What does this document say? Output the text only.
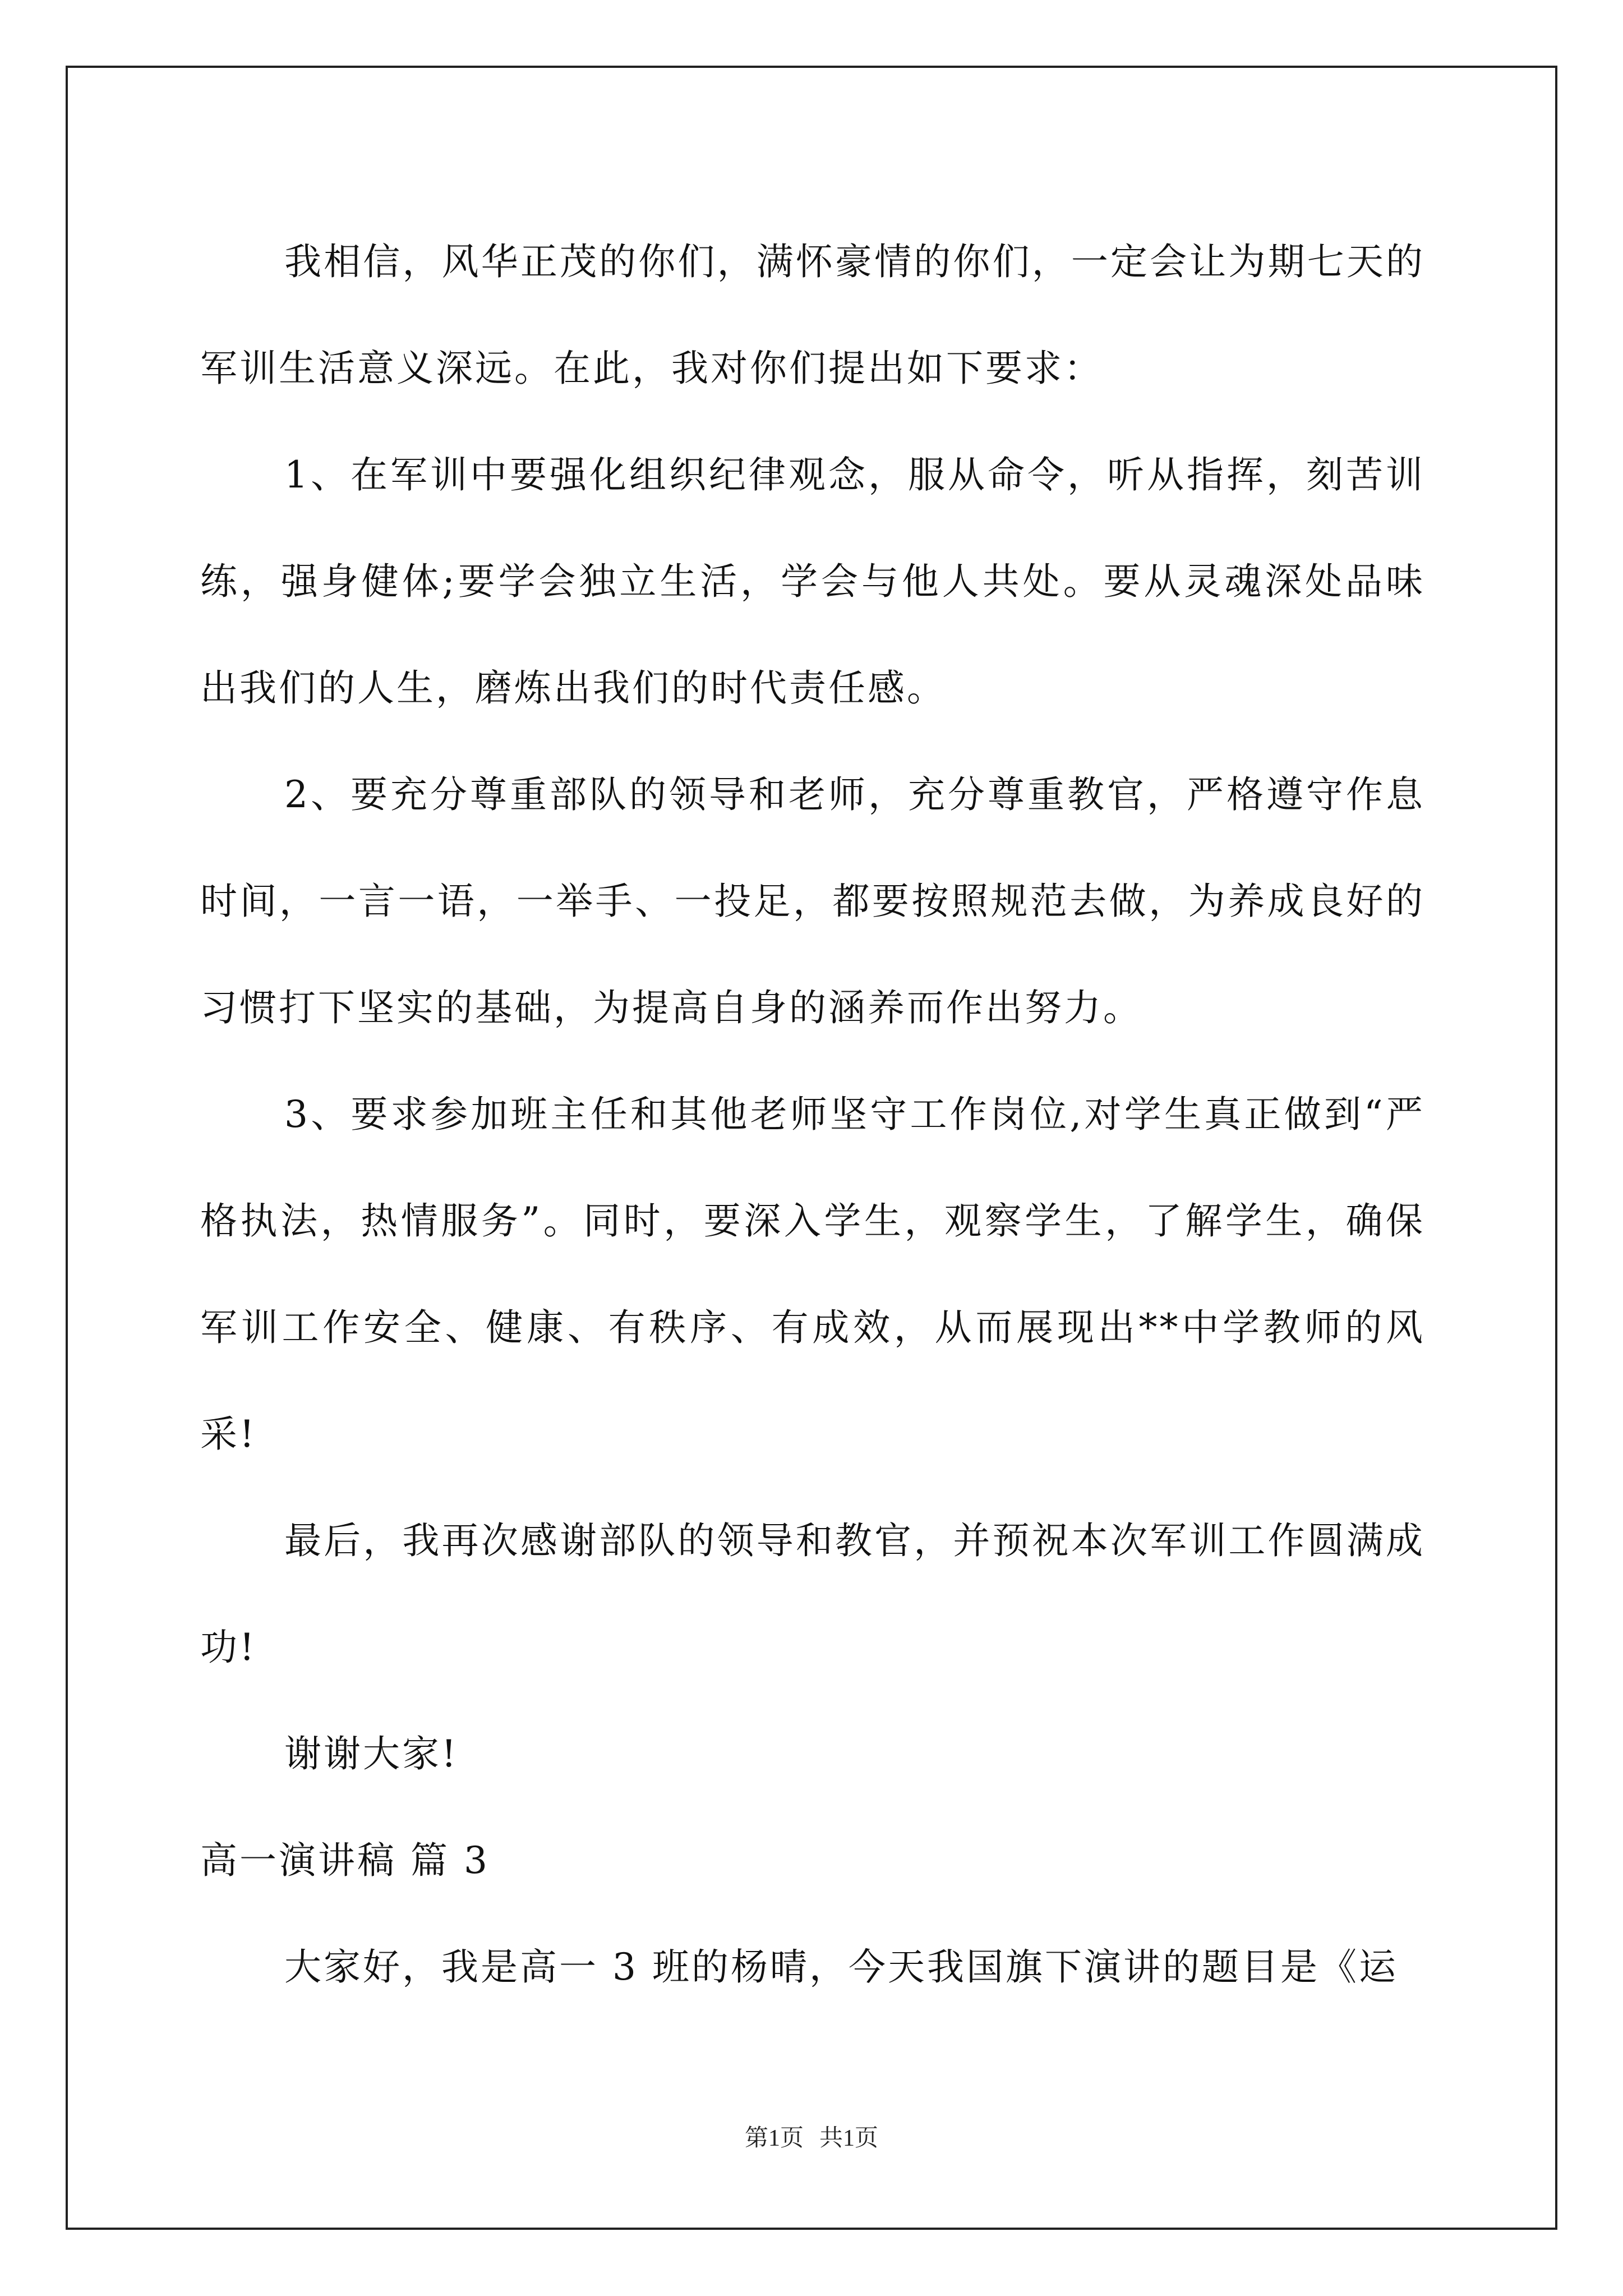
我相信，风华正茂的你们，满怀豪情的你们，一定会让为期七天的军训生活意义深远。在此，我对你们提出如下要求：

1、在军训中要强化组织纪律观念，服从命令，听从指挥，刻苦训练，强身健体;要学会独立生活，学会与他人共处。要从灵魂深处品味出我们的人生，磨炼出我们的时代责任感。

2、要充分尊重部队的领导和老师，充分尊重教官，严格遵守作息时间，一言一语，一举手、一投足，都要按照规范去做，为养成良好的习惯打下坚实的基础，为提高自身的涵养而作出努力。

3、要求参加班主任和其他老师坚守工作岗位,对学生真正做到“严格执法，热情服务”。同时，要深入学生，观察学生，了解学生，确保军训工作安全、健康、有秩序、有成效，从而展现出**中学教师的风采!

最后，我再次感谢部队的领导和教官，并预祝本次军训工作圆满成功!

谢谢大家!

高一演讲稿 篇 3

大家好，我是高一 3 班的杨晴，今天我国旗下演讲的题目是《运

第1页 共1页
